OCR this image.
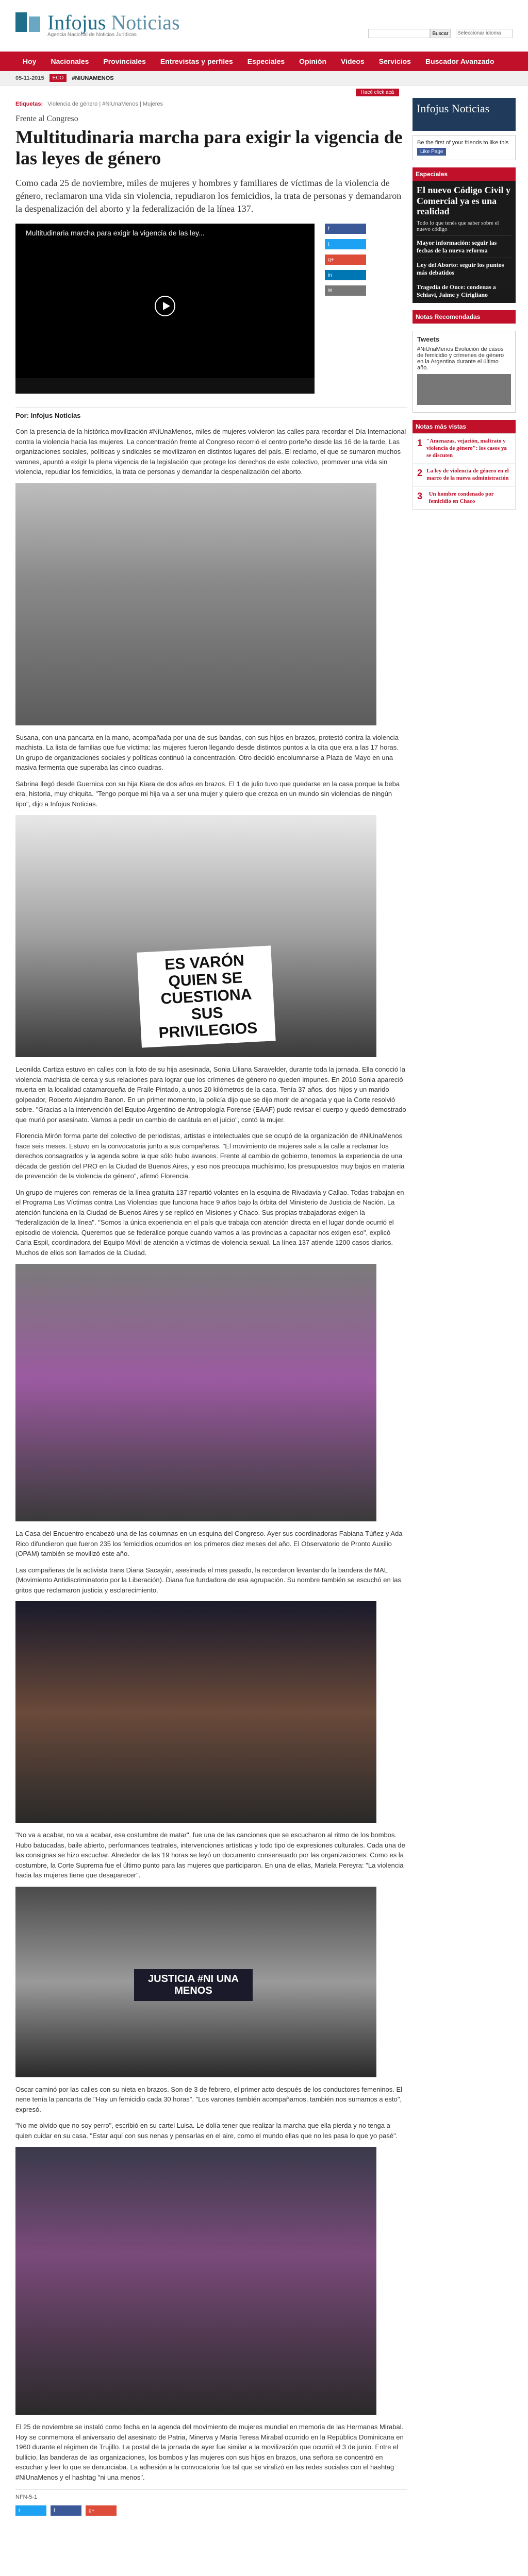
Infojus Noticias
Agencia Nacional de Noticias Jurídicas	Buscar	Seleccionar idioma
Hoy	Nacionales	Provinciales	Entrevistas y perfiles	Especiales	Opinión	Videos	Servicios	Buscador Avanzado
05-11-2015	ECO	#NIUNAMENOS
Hacé click acá
Etiquetas: Violencia de género | #NiUnaMenos | Mujeres
Frente al Congreso
Multitudinaria marcha para exigir la vigencia de las leyes de género

Como cada 25 de noviembre, miles de mujeres y hombres y familiares de víctimas de la violencia de género, reclamaron una vida sin violencia, repudiaron los femicidios, la trata de personas y demandaron la despenalización del aborto y la federalización de la línea 137.

Multitudinaria marcha para exigir la vigencia de las ley...	f
t
g+
in
✉
Por: Infojus Noticias

Con la presencia de la histórica movilización #NiUnaMenos, miles de mujeres volvieron las calles para recordar el Día Internacional contra la violencia hacia las mujeres. La concentración frente al Congreso recorrió el centro porteño desde las 16 de la tarde. Las organizaciones sociales, políticas y sindicales se movilizaron en distintos lugares del país. El reclamo, el que se sumaron muchos varones, apuntó a exigir la plena vigencia de la legislación que protege los derechos de este colectivo, promover una vida sin violencia, repudiar los femicidios, la trata de personas y demandar la despenalización del aborto.

Susana, con una pancarta en la mano, acompañada por una de sus bandas, con sus hijos en brazos, protestó contra la violencia machista. La lista de familias que fue víctima: las mujeres fueron llegando desde distintos puntos a la cita que era a las 17 horas. Un grupo de organizaciones sociales y políticas continuó la concentración. Otro decidió encolumnarse a Plaza de Mayo en una masiva fermenta que superaba las cinco cuadras.

Sabrina llegó desde Guernica con su hija Kiara de dos años en brazos. El 1 de julio tuvo que quedarse en la casa porque la beba era, historia, muy chiquita. "Tengo porque mi hija va a ser una mujer y quiero que crezca en un mundo sin violencias de ningún tipo", dijo a Infojus Noticias.

ES VARÓN QUIEN SE CUESTIONA SUS PRIVILEGIOS

Leonilda Cartiza estuvo en calles con la foto de su hija asesinada, Sonia Liliana Saravelder, durante toda la jornada. Ella conoció la violencia machista de cerca y sus relaciones para lograr que los crímenes de género no queden impunes. En 2010 Sonia apareció muerta en la localidad catamarqueña de Fraile Pintado, a unos 20 kilómetros de la casa. Tenía 37 años, dos hijos y un marido golpeador, Roberto Alejandro Banon. En un primer momento, la policía dijo que se dijo morir de ahogada y que la Corte resolvió sobre. "Gracias a la intervención del Equipo Argentino de Antropología Forense (EAAF) pudo revisar el cuerpo y quedó demostrado que murió por asesinato. Vamos a pedir un cambio de carátula en el juicio", contó la mujer.

Florencia Mirón forma parte del colectivo de periodistas, artistas e intelectuales que se ocupó de la organización de #NiUnaMenos hace seis meses. Estuvo en la convocatoria junto a sus compañeras. "El movimiento de mujeres sale a la calle a reclamar los derechos consagrados y la agenda sobre la que sólo hubo avances. Frente al cambio de gobierno, tenemos la experiencia de una década de gestión del PRO en la Ciudad de Buenos Aires, y eso nos preocupa muchísimo, los presupuestos muy bajos en materia de prevención de la violencia de género", afirmó Florencia.

Un grupo de mujeres con remeras de la línea gratuita 137 repartió volantes en la esquina de Rivadavia y Callao. Todas trabajan en el Programa Las Víctimas contra Las Violencias que funciona hace 9 años bajo la órbita del Ministerio de Justicia de Nación. La atención funciona en la Ciudad de Buenos Aires y se replicó en Misiones y Chaco. Sus propias trabajadoras exigen la "federalización de la línea". "Somos la única experiencia en el país que trabaja con atención directa en el lugar donde ocurrió el episodio de violencia. Queremos que se federalice porque cuando vamos a las provincias a capacitar nos exigen eso", explicó Carla Espil, coordinadora del Equipo Móvil de atención a víctimas de violencia sexual. La línea 137 atiende 1200 casos diarios. Muchos de ellos son llamados de la Ciudad.

La Casa del Encuentro encabezó una de las columnas en un esquina del Congreso. Ayer sus coordinadoras Fabiana Túñez y Ada Rico difundieron que fueron 235 los femicidios ocurridos en los primeros diez meses del año. El Observatorio de Pronto Auxilio (OPAM) también se movilizó este año.

Las compañeras de la activista trans Diana Sacayán, asesinada el mes pasado, la recordaron levantando la bandera de MAL (Movimiento Antidiscriminatorio por la Liberación). Diana fue fundadora de esa agrupación. Su nombre también se escuchó en las gritos que reclamaron justicia y esclarecimiento.

"No va a acabar, no va a acabar, esa costumbre de matar", fue una de las canciones que se escucharon al ritmo de los bombos. Hubo batucadas, baile abierto, performances teatrales, intervenciones artísticas y todo tipo de expresiones culturales. Cada una de las consignas se hizo escuchar. Alrededor de las 19 horas se leyó un documento consensuado por las organizaciones. Como es la costumbre, la Corte Suprema fue el último punto para las mujeres que participaron. En una de ellas, Mariela Pereyra: "La violencia hacia las mujeres tiene que desaparecer".

JUSTICIA #NI UNA MENOS

Oscar caminó por las calles con su nieta en brazos. Son de 3 de febrero, el primer acto después de los conductores femeninos. El nene tenía la pancarta de "Hay un femicidio cada 30 horas". "Los varones también acompañamos, también nos sumamos a esto", expresó.

"No me olvido que no soy perro", escribió en su cartel Luisa. Le dolía tener que realizar la marcha que ella pierda y no tenga a quien cuidar en su casa. "Estar aquí con sus nenas y pensarlas en el aire, como el mundo ellas que no les pasa lo que yo pasé".

El 25 de noviembre se instaló como fecha en la agenda del movimiento de mujeres mundial en memoria de las Hermanas Mirabal. Hoy se conmemora el aniversario del asesinato de Patria, Minerva y María Teresa Mirabal ocurrido en la República Dominicana en 1960 durante el régimen de Trujillo. La postal de la jornada de ayer fue similar a la movilización que ocurrió el 3 de junio. Entre el bullicio, las banderas de las organizaciones, los bombos y las mujeres con sus hijos en brazos, una señora se concentró en escuchar y leer lo que se denunciaba. La adhesión a la convocatoria fue tal que se viralizó en las redes sociales con el hashtag #NiUnaMenos y el hashtag "ni una menos".

NFN-5-1
t	f	g+
Infojus Noticias
Be the first of your friends to like this
Like Page
Especiales
El nuevo Código Civil y Comercial ya es una realidad

Todo lo que tenés que saber sobre el nuevo código

Mayor información: seguir las fechas de la nueva reforma
Ley del Aborto: seguir los puntos más debatidos
Tragedia de Once: condenas a Schiavi, Jaime y Cirigliano
Notas Recomendadas
Tweets
#NiUnaMenos Evolución de casos de femicidio y crímenes de género en la Argentina durante el último año.
Notas más vistas
1 "Amenazas, vejación, maltrato y violencia de género": los casos ya se discuten
2 La ley de violencia de género en el marco de la nueva administración
3	Un hombre condenado por femicidio en Chaco
